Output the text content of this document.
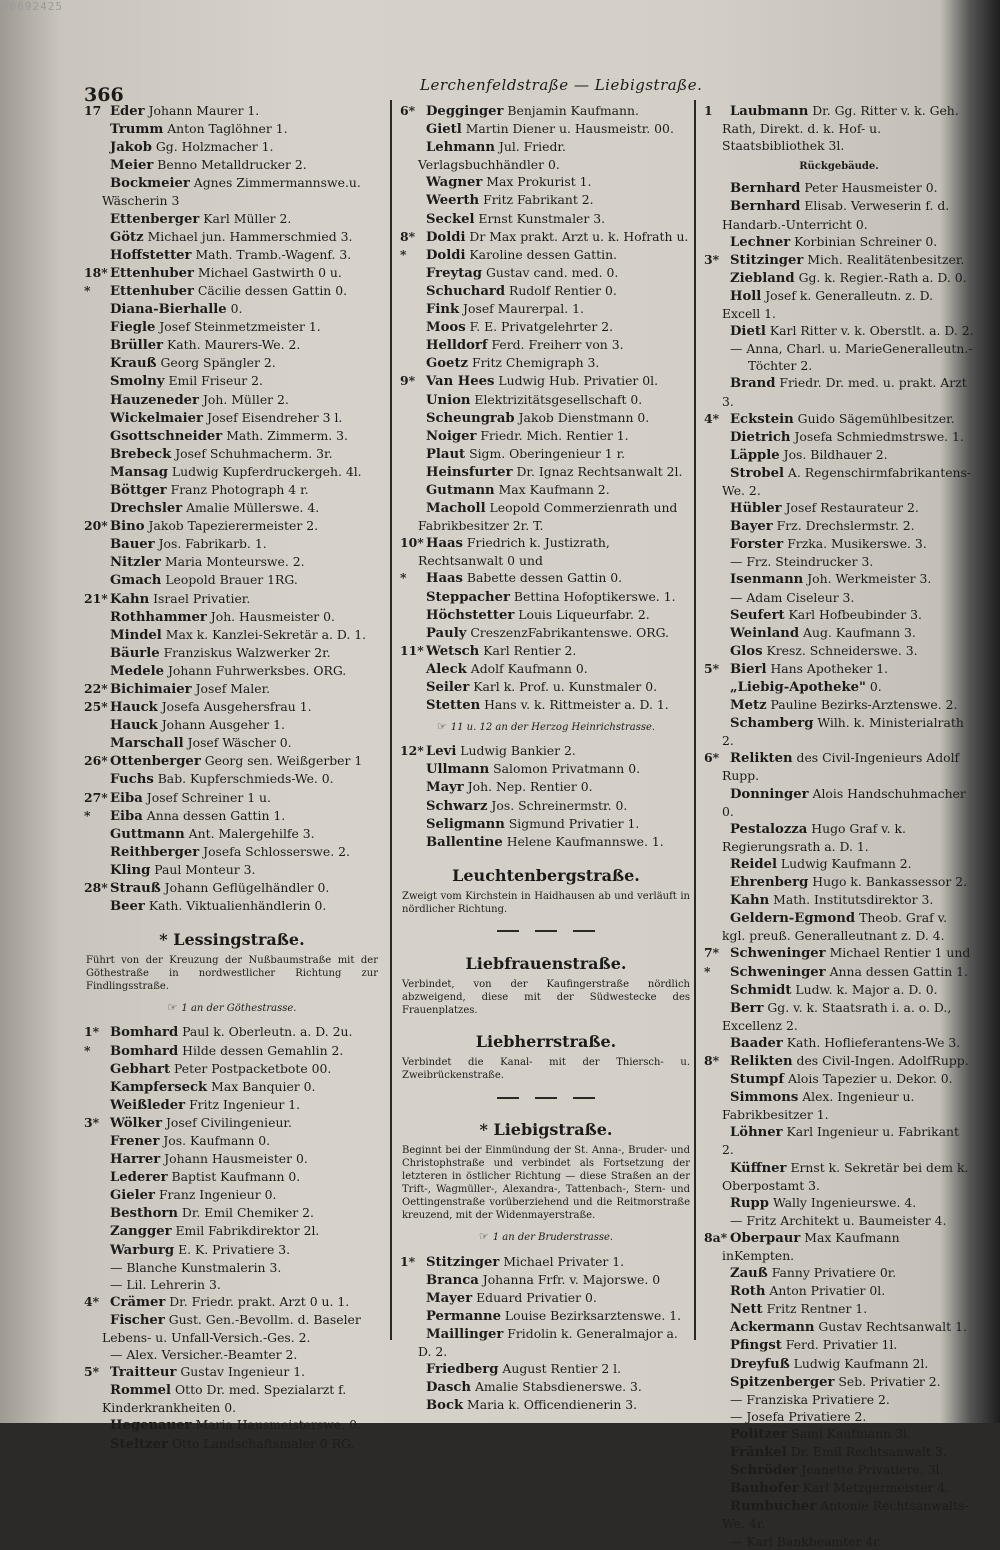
00692425
366	Lerchenfeldstraße — Liebigstraße.
17 Eder Johann Maurer 1.
Trumm Anton Taglöhner 1.
Jakob Gg. Holzmacher 1.
Meier Benno Metalldrucker 2.
Bockmeier Agnes Zimmermannswe.u. Wäscherin 3
Ettenberger Karl Müller 2.
Götz Michael jun. Hammerschmied 3.
Hoffstetter Math. Tramb.-Wagenf. 3.
18* Ettenhuber Michael Gastwirth 0 u.
* Ettenhuber Cäcilie dessen Gattin 0.
Diana-Bierhalle 0.
Fiegle Josef Steinmetzmeister 1.
Brüller Kath. Maurers-We. 2.
Krauß Georg Spängler 2.
Smolny Emil Friseur 2.
Hauzeneder Joh. Müller 2.
Wickelmaier Josef Eisendreher 3 l.
Gsottschneider Math. Zimmerm. 3.
Brebeck Josef Schuhmacherm. 3r.
Mansag Ludwig Kupferdruckergeh. 4l.
Böttger Franz Photograph 4 r.
Drechsler Amalie Müllerswe. 4.
20* Bino Jakob Tapezierermeister 2.
Bauer Jos. Fabrikarb. 1.
Nitzler Maria Monteurswe. 2.
Gmach Leopold Brauer 1RG.
21* Kahn Israel Privatier.
Rothhammer Joh. Hausmeister 0.
Mindel Max k. Kanzlei-Sekretär a. D. 1.
Bäurle Franziskus Walzwerker 2r.
Medele Johann Fuhrwerksbes. ORG.
22* Bichimaier Josef Maler.
25* Hauck Josefa Ausgehersfrau 1.
Hauck Johann Ausgeher 1.
Marschall Josef Wäscher 0.
26* Ottenberger Georg sen. Weißgerber 1
Fuchs Bab. Kupferschmieds-We. 0.
27* Eiba Josef Schreiner 1 u.
* Eiba Anna dessen Gattin 1.
Guttmann Ant. Malergehilfe 3.
Reithberger Josefa Schlosserswe. 2.
Kling Paul Monteur 3.
28* Strauß Johann Geflügelhändler 0.
Beer Kath. Viktualienhändlerin 0.
* Lessingstraße.
Führt von der Kreuzung der Nußbaumstraße mit der Göthestraße in nordwestlicher Richtung zur Findlingsstraße.
☞ 1 an der Göthestrasse.
1* Bomhard Paul k. Oberleutn. a. D. 2u.
* Bomhard Hilde dessen Gemahlin 2.
Gebhart Peter Postpacketbote 00.
Kampferseck Max Banquier 0.
Weißleder Fritz Ingenieur 1.
3* Wölker Josef Civilingenieur.
Frener Jos. Kaufmann 0.
Harrer Johann Hausmeister 0.
Lederer Baptist Kaufmann 0.
Gieler Franz Ingenieur 0.
Besthorn Dr. Emil Chemiker 2.
Zangger Emil Fabrikdirektor 2l.
Warburg E. K. Privatiere 3.
— Blanche Kunstmalerin 3.
— Lil. Lehrerin 3.
4* Crämer Dr. Friedr. prakt. Arzt 0 u. 1.
Fischer Gust. Gen.-Bevollm. d. Baseler Lebens- u. Unfall-Versich.-Ges. 2.
— Alex. Versicher.-Beamter 2.
5* Traitteur Gustav Ingenieur 1.
Rommel Otto Dr. med. Spezialarzt f. Kinderkrankheiten 0.
Hegenauer Maria Hausmeisterswe. 0.
Steltzer Otto Landschaftsmaler 0 RG.
6* Degginger Benjamin Kaufmann.
Gietl Martin Diener u. Hausmeistr. 00.
Lehmann Jul. Friedr. Verlagsbuchhändler 0.
Wagner Max Prokurist 1.
Weerth Fritz Fabrikant 2.
Seckel Ernst Kunstmaler 3.
8* Doldi Dr Max prakt. Arzt u. k. Hofrath u.
* Doldi Karoline dessen Gattin.
Freytag Gustav cand. med. 0.
Schuchard Rudolf Rentier 0.
Fink Josef Maurerpal. 1.
Moos F. E. Privatgelehrter 2.
Helldorf Ferd. Freiherr von 3.
Goetz Fritz Chemigraph 3.
9* Van Hees Ludwig Hub. Privatier 0l.
Union Elektrizitätsgesellschaft 0.
Scheungrab Jakob Dienstmann 0.
Noiger Friedr. Mich. Rentier 1.
Plaut Sigm. Oberingenieur 1 r.
Heinsfurter Dr. Ignaz Rechtsanwalt 2l.
Gutmann Max Kaufmann 2.
Macholl Leopold Commerzienrath und Fabrikbesitzer 2r. T.
10* Haas Friedrich k. Justizrath, Rechtsanwalt 0 und
* Haas Babette dessen Gattin 0.
Steppacher Bettina Hofoptikerswe. 1.
Höchstetter Louis Liqueurfabr. 2.
Pauly CreszenzFabrikantenswe. ORG.
11* Wetsch Karl Rentier 2.
Aleck Adolf Kaufmann 0.
Seiler Karl k. Prof. u. Kunstmaler 0.
Stetten Hans v. k. Rittmeister a. D. 1.
☞ 11 u. 12 an der Herzog Heinrichstrasse.
12* Levi Ludwig Bankier 2.
Ullmann Salomon Privatmann 0.
Mayr Joh. Nep. Rentier 0.
Schwarz Jos. Schreinermstr. 0.
Seligmann Sigmund Privatier 1.
Ballentine Helene Kaufmannswe. 1.
Leuchtenbergstraße.
Zweigt vom Kirchstein in Haidhausen ab und verläuft in nördlicher Richtung.
Liebfrauenstraße.
Verbindet, von der Kaufingerstraße nördlich abzweigend, diese mit der Südwestecke des Frauenplatzes.
Liebherrstraße.
Verbindet die Kanal- mit der Thiersch- u. Zweibrückenstraße.
* Liebigstraße.
Beginnt bei der Einmündung der St. Anna-, Bruder- und Christophstraße und verbindet als Fortsetzung der letzteren in östlicher Richtung — diese Straßen an der Trift-, Wagmüller-, Alexandra-, Tattenbach-, Stern- und Oettingenstraße vorüberziehend und die Reitmorstraße kreuzend, mit der Widenmayerstraße.
☞ 1 an der Bruderstrasse.
1* Stitzinger Michael Privater 1.
Branca Johanna Frfr. v. Majorswe. 0
Mayer Eduard Privatier 0.
Permanne Louise Bezirksarztenswe. 1.
Maillinger Fridolin k. Generalmajor a. D. 2.
Friedberg August Rentier 2 l.
Dasch Amalie Stabsdienerswe. 3.
Bock Maria k. Officendienerin 3.
1 Laubmann Dr. Gg. Ritter v. k. Geh. Rath, Direkt. d. k. Hof- u. Staatsbibliothek 3l.
Rückgebäude.
Bernhard Peter Hausmeister 0.
Bernhard Elisab. Verweserin f. d. Handarb.-Unterricht 0.
Lechner Korbinian Schreiner 0.
3* Stitzinger Mich. Realitätenbesitzer.
Ziebland Gg. k. Regier.-Rath a. D. 0.
Holl Josef k. Generalleutn. z. D. Excell 1.
Dietl Karl Ritter v. k. Oberstlt. a. D. 2.
— Anna, Charl. u. MarieGeneralleutn.-Töchter 2.
Brand Friedr. Dr. med. u. prakt. Arzt 3.
4* Eckstein Guido Sägemühlbesitzer.
Dietrich Josefa Schmiedmstrswe. 1.
Läpple Jos. Bildhauer 2.
Strobel A. Regenschirmfabrikantens-We. 2.
Hübler Josef Restaurateur 2.
Bayer Frz. Drechslermstr. 2.
Forster Frzka. Musikerswe. 3.
— Frz. Steindrucker 3.
Isenmann Joh. Werkmeister 3.
— Adam Ciseleur 3.
Seufert Karl Hofbeubinder 3.
Weinland Aug. Kaufmann 3.
Glos Kresz. Schneiderswe. 3.
5* Bierl Hans Apotheker 1.
„Liebig-Apotheke" 0.
Metz Pauline Bezirks-Arztenswe. 2.
Schamberg Wilh. k. Ministerialrath 2.
6* Relikten des Civil-Ingenieurs Adolf Rupp.
Donninger Alois Handschuhmacher 0.
Pestalozza Hugo Graf v. k. Regierungsrath a. D. 1.
Reidel Ludwig Kaufmann 2.
Ehrenberg Hugo k. Bankassessor 2.
Kahn Math. Institutsdirektor 3.
Geldern-Egmond Theob. Graf v. kgl. preuß. Generalleutnant z. D. 4.
7* Schweninger Michael Rentier 1 und
* Schweninger Anna dessen Gattin 1.
Schmidt Ludw. k. Major a. D. 0.
Berr Gg. v. k. Staatsrath i. a. o. D., Excellenz 2.
Baader Kath. Hoflieferantens-We 3.
8* Relikten des Civil-Ingen. AdolfRupp.
Stumpf Alois Tapezier u. Dekor. 0.
Simmons Alex. Ingenieur u. Fabrikbesitzer 1.
Löhner Karl Ingenieur u. Fabrikant 2.
Küffner Ernst k. Sekretär bei dem k. Oberpostamt 3.
Rupp Wally Ingenieurswe. 4.
— Fritz Architekt u. Baumeister 4.
8a* Oberpaur Max Kaufmann inKempten.
Zauß Fanny Privatiere 0r.
Roth Anton Privatier 0l.
Nett Fritz Rentner 1.
Ackermann Gustav Rechtsanwalt 1.
Pfingst Ferd. Privatier 1l.
Dreyfuß Ludwig Kaufmann 2l.
Spitzenberger Seb. Privatier 2.
— Franziska Privatiere 2.
— Josefa Privatiere 2.
Politzer Sami Kaufmann 3l.
Fränkel Dr. Emil Rechtsanwalt 3.
Schröder Jeanette Privatiere. 3l.
Bauhofer Karl Metzgermeister 4.
Rumbucher Antonie Rechtsanwalts-We. 4r.
— Karl Bankbeamter 4r.
